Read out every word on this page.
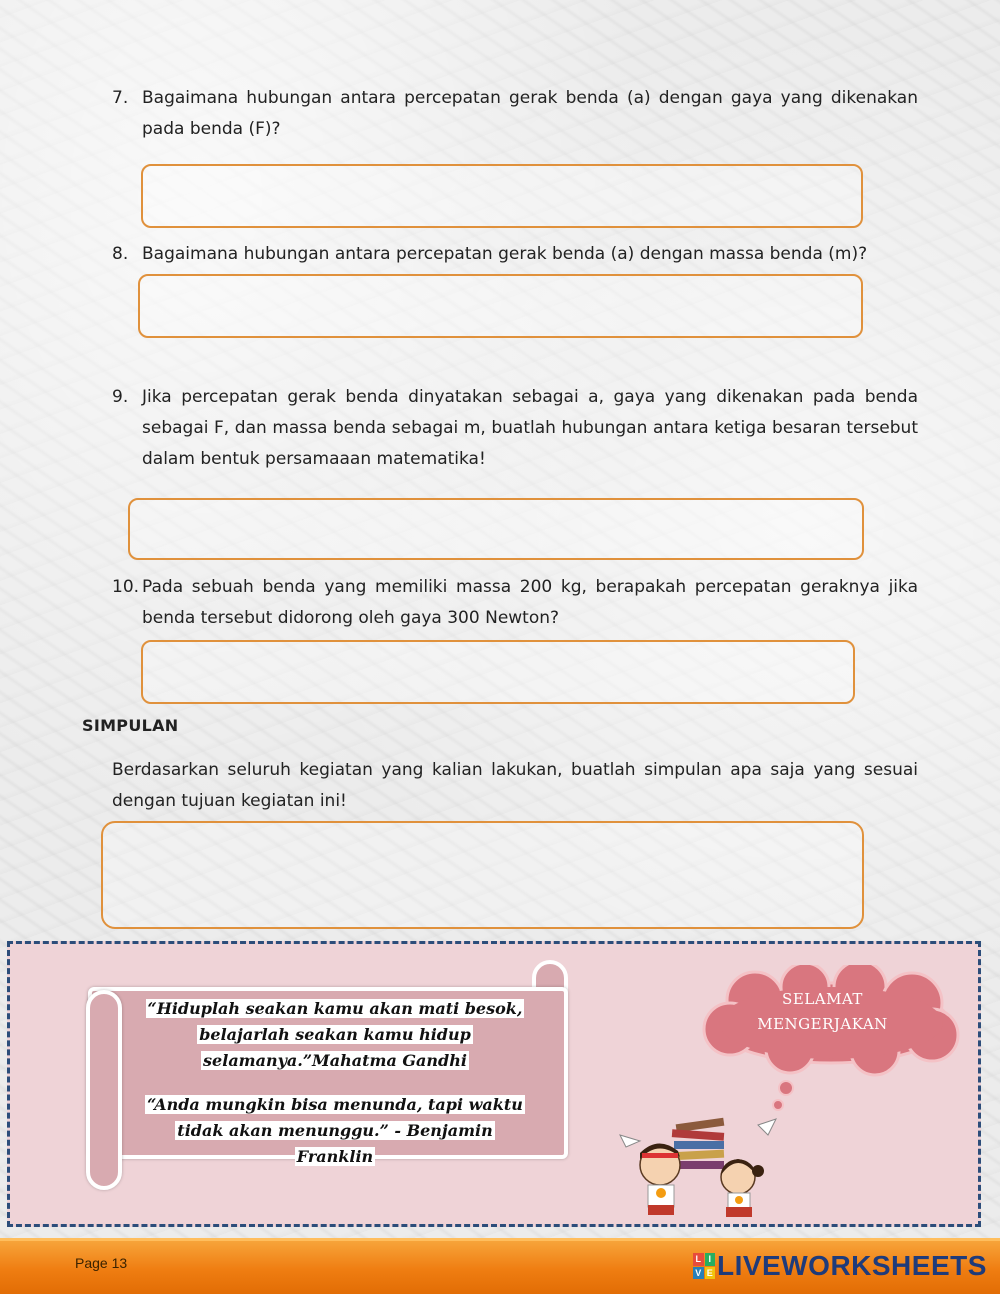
7. Bagaimana hubungan antara percepatan gerak benda (a) dengan gaya yang dikenakan pada benda (F)?
8. Bagaimana hubungan antara percepatan gerak benda (a) dengan massa benda (m)?
9. Jika percepatan gerak benda dinyatakan sebagai a, gaya yang dikenakan pada benda sebagai F, dan massa benda sebagai m, buatlah hubungan antara ketiga besaran tersebut dalam bentuk persamaaan matematika!
10. Pada sebuah benda yang memiliki massa 200 kg, berapakah percepatan geraknya jika benda tersebut didorong oleh gaya 300 Newton?
SIMPULAN
Berdasarkan seluruh kegiatan yang kalian lakukan, buatlah simpulan apa saja yang sesuai dengan tujuan kegiatan ini!
“Hiduplah seakan kamu akan mati besok, belajarlah seakan kamu hidup selamanya.”Mahatma Gandhi
“Anda mungkin bisa menunda, tapi waktu tidak akan menunggu.” - Benjamin Franklin
SELAMAT
MENGERJAKAN
Page 13	L I
V E LIVEWORKSHEETS
